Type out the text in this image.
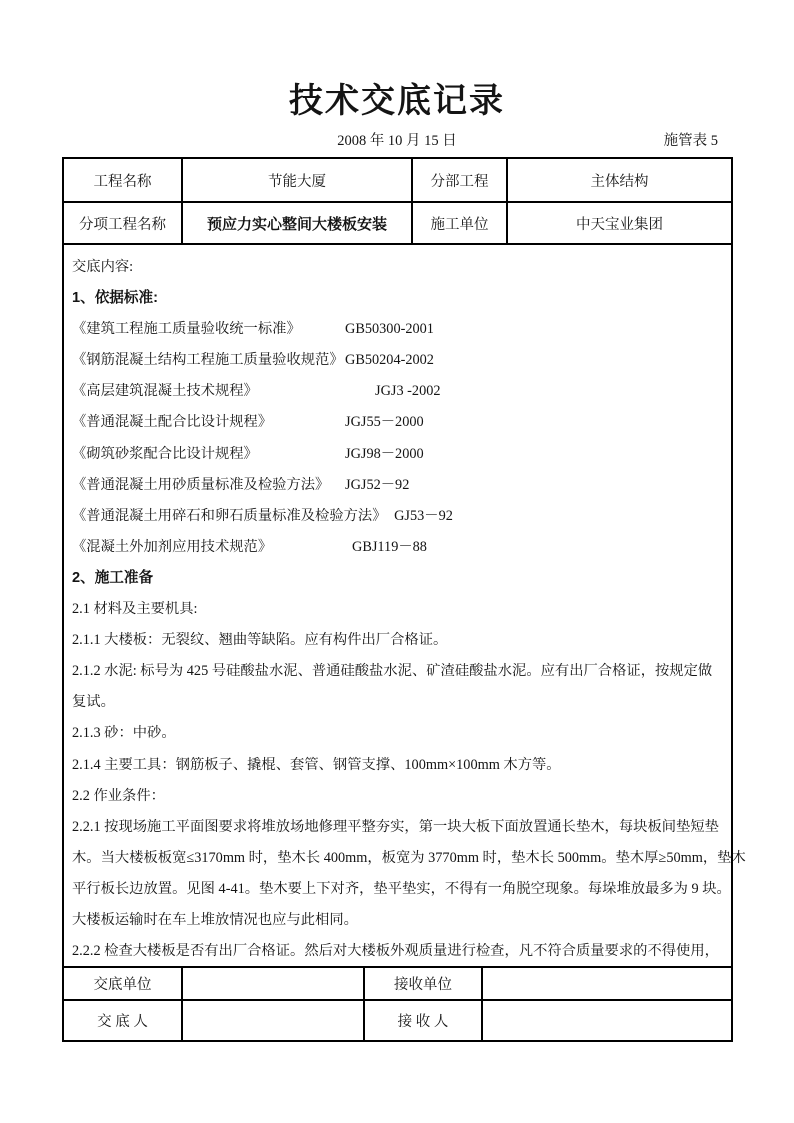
技术交底记录
2008 年 10 月 15 日	施管表 5
工程名称	节能大厦	分部工程	主体结构
分项工程名称	预应力实心整间大楼板安装	施工单位	中天宝业集团
交底内容:
1、依据标准:
《建筑工程施工质量验收统一标准》	GB50300-2001
《钢筋混凝土结构工程施工质量验收规范》 GB50204-2002
《高层建筑混凝土技术规程》	JGJ3 -2002
《普通混凝土配合比设计规程》	JGJ55－2000
《砌筑砂浆配合比设计规程》	JGJ98－2000
《普通混凝土用砂质量标准及检验方法》 JGJ52－92
《普通混凝土用碎石和卵石质量标准及检验方法》 GJ53－92
《混凝土外加剂应用技术规范》	GBJ119－88
2、施工准备
2.1 材料及主要机具:
2.1.1 大楼板：无裂纹、翘曲等缺陷。应有构件出厂合格证。
2.1.2 水泥: 标号为 425 号硅酸盐水泥、普通硅酸盐水泥、矿渣硅酸盐水泥。应有出厂合格证，按规定做
复试。
2.1.3 砂：中砂。
2.1.4 主要工具：钢筋板子、撬棍、套管、钢管支撑、100mm×100mm 木方等。
2.2 作业条件：
2.2.1 按现场施工平面图要求将堆放场地修理平整夯实，第一块大板下面放置通长垫木，每块板间垫短垫
木。当大楼板板宽≤3170mm 时，垫木长 400mm，板宽为 3770mm 时，垫木长 500mm。垫木厚≥50mm，垫木
平行板长边放置。见图 4-41。垫木要上下对齐，垫平垫实，不得有一角脱空现象。每垛堆放最多为 9 块。
大楼板运输时在车上堆放情况也应与此相同。
2.2.2 检查大楼板是否有出厂合格证。然后对大楼板外观质量进行检查，凡不符合质量要求的不得使用，
交底单位	接收单位
交 底 人	接 收 人
